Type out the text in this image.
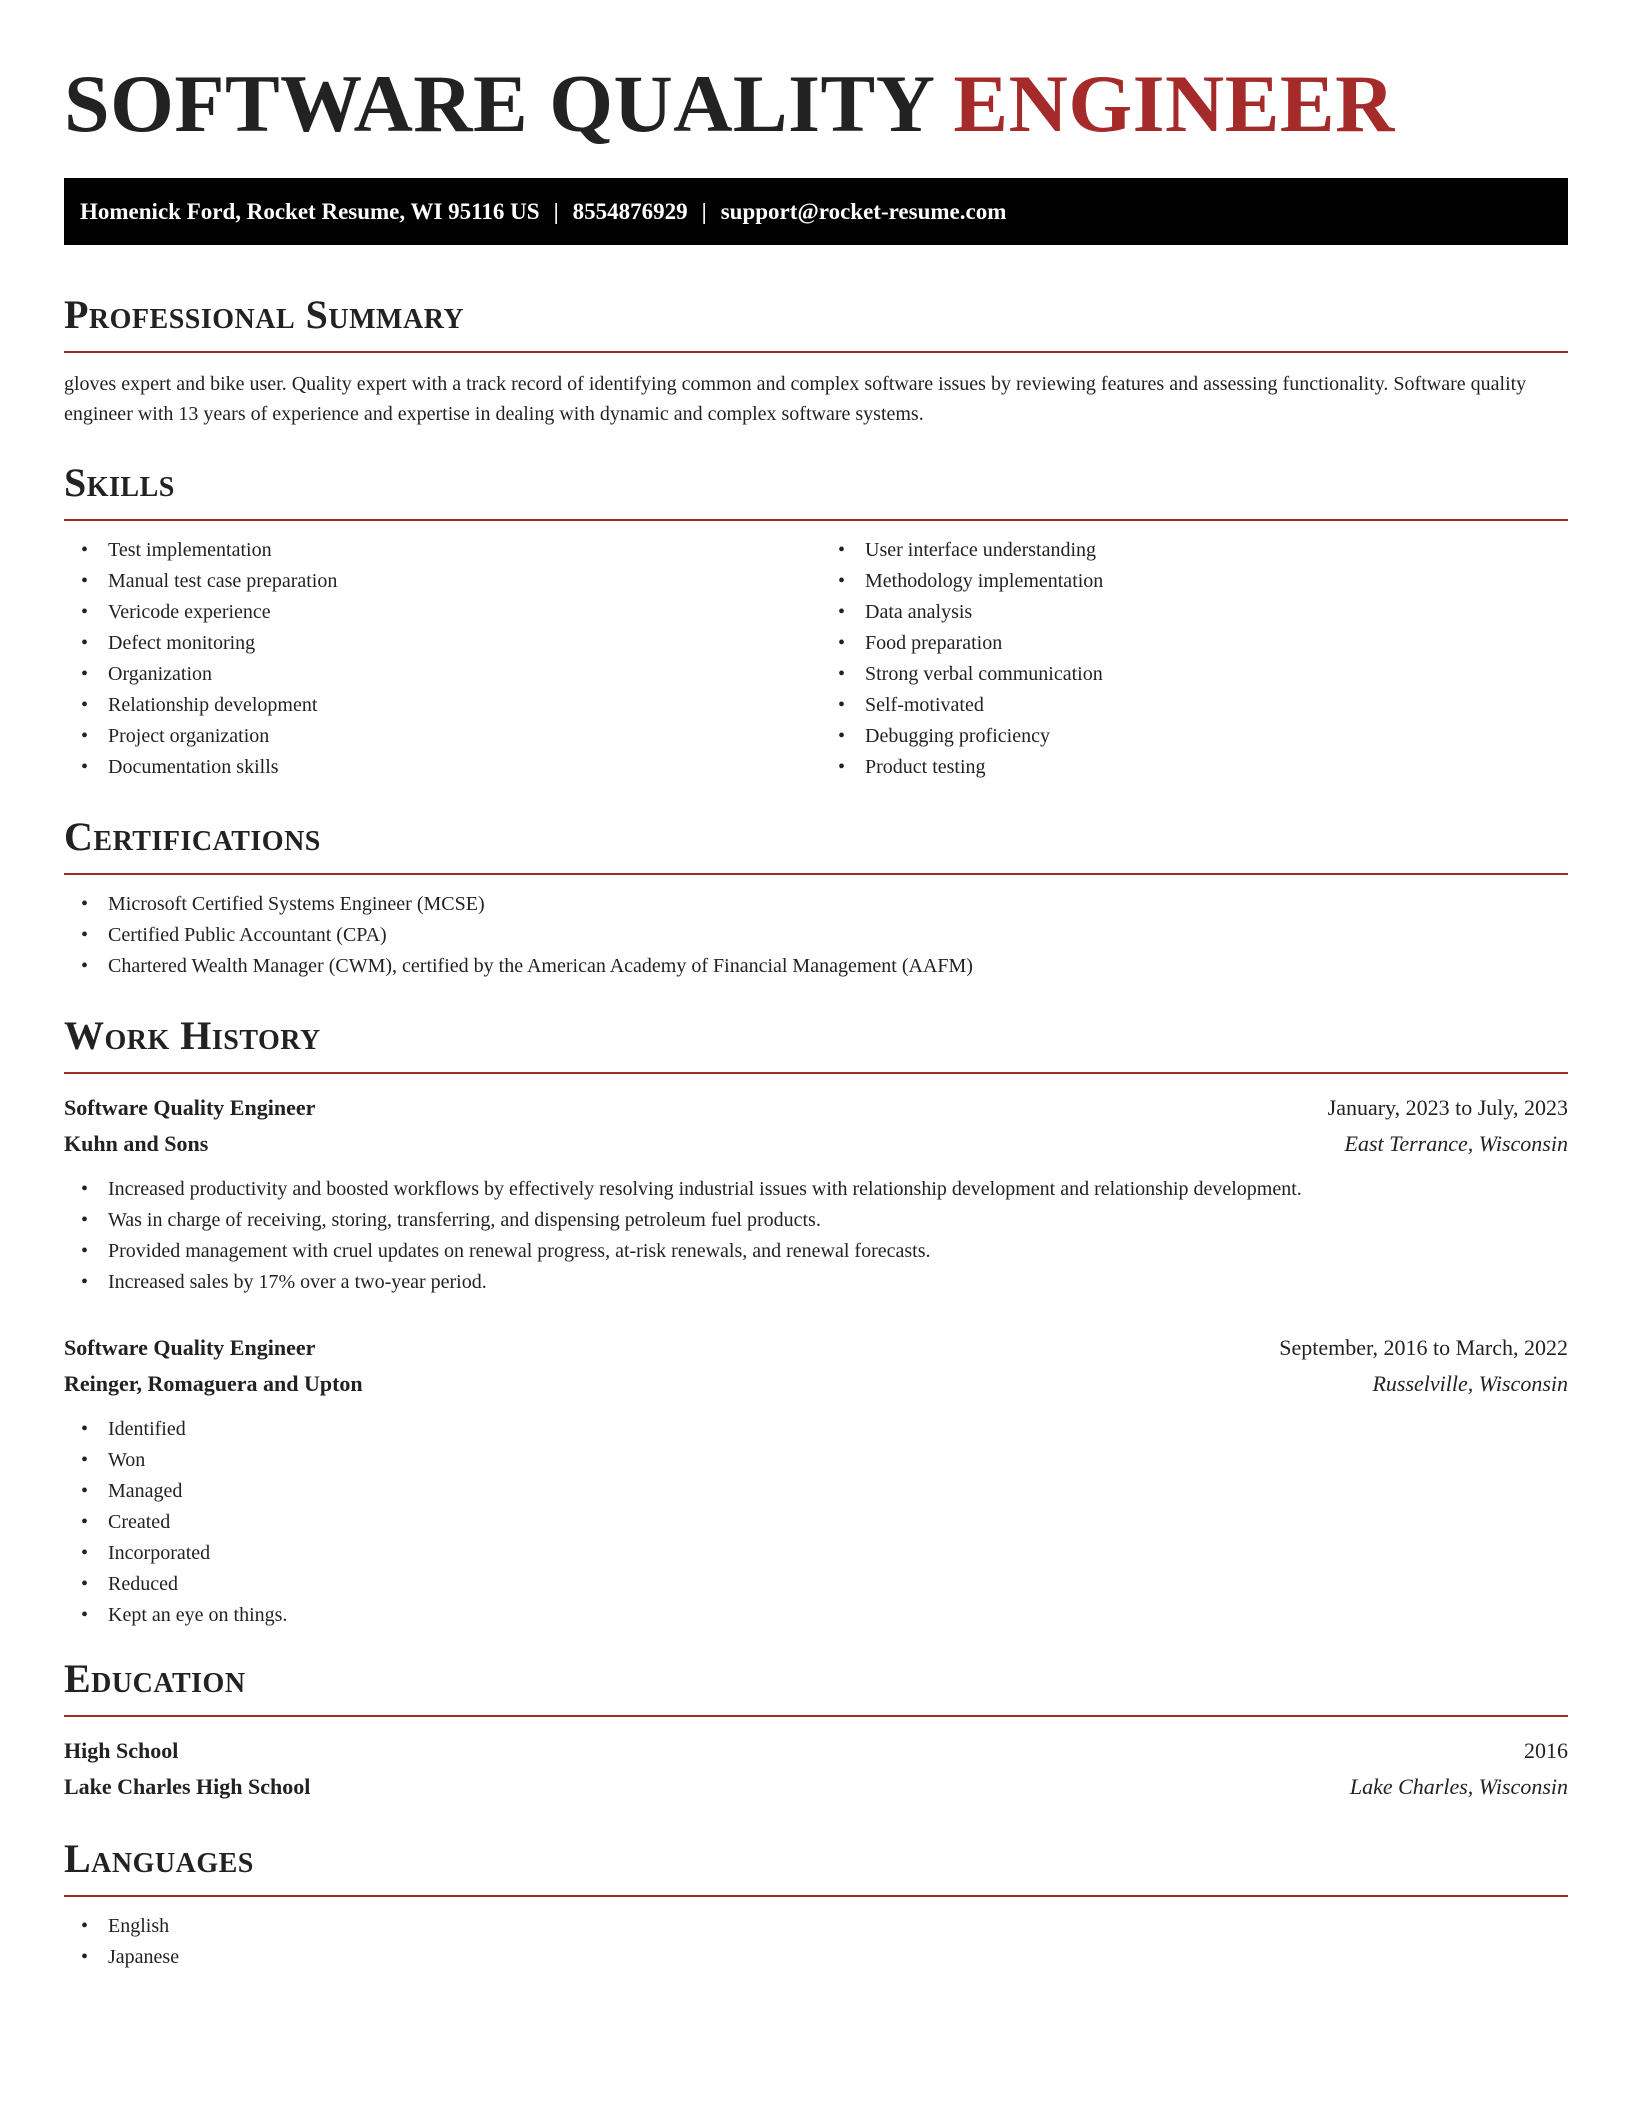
SOFTWARE QUALITY ENGINEER
Homenick Ford, Rocket Resume, WI 95116 US | 8554876929 | support@rocket-resume.com
Professional Summary

gloves expert and bike user. Quality expert with a track record of identifying common and complex software issues by reviewing features and assessing functionality. Software quality engineer with 13 years of experience and expertise in dealing with dynamic and complex software systems.

Skills
• Test implementation
• Manual test case preparation
• Vericode experience
• Defect monitoring
• Organization
• Relationship development
• Project organization
• Documentation skills
• User interface understanding
• Methodology implementation
• Data analysis
• Food preparation
• Strong verbal communication
• Self-motivated
• Debugging proficiency
• Product testing
Certifications
• Microsoft Certified Systems Engineer (MCSE)
• Certified Public Accountant (CPA)
• Chartered Wealth Manager (CWM), certified by the American Academy of Financial Management (AAFM)
Work History
Software Quality Engineer	January, 2023 to July, 2023
Kuhn and Sons	East Terrance, Wisconsin
• Increased productivity and boosted workflows by effectively resolving industrial issues with relationship development and relationship development.
• Was in charge of receiving, storing, transferring, and dispensing petroleum fuel products.
• Provided management with cruel updates on renewal progress, at-risk renewals, and renewal forecasts.
• Increased sales by 17% over a two-year period.
Software Quality Engineer	September, 2016 to March, 2022
Reinger, Romaguera and Upton	Russelville, Wisconsin
• Identified
• Won
• Managed
• Created
• Incorporated
• Reduced
• Kept an eye on things.
Education
High School	2016
Lake Charles High School	Lake Charles, Wisconsin
Languages
• English
• Japanese
